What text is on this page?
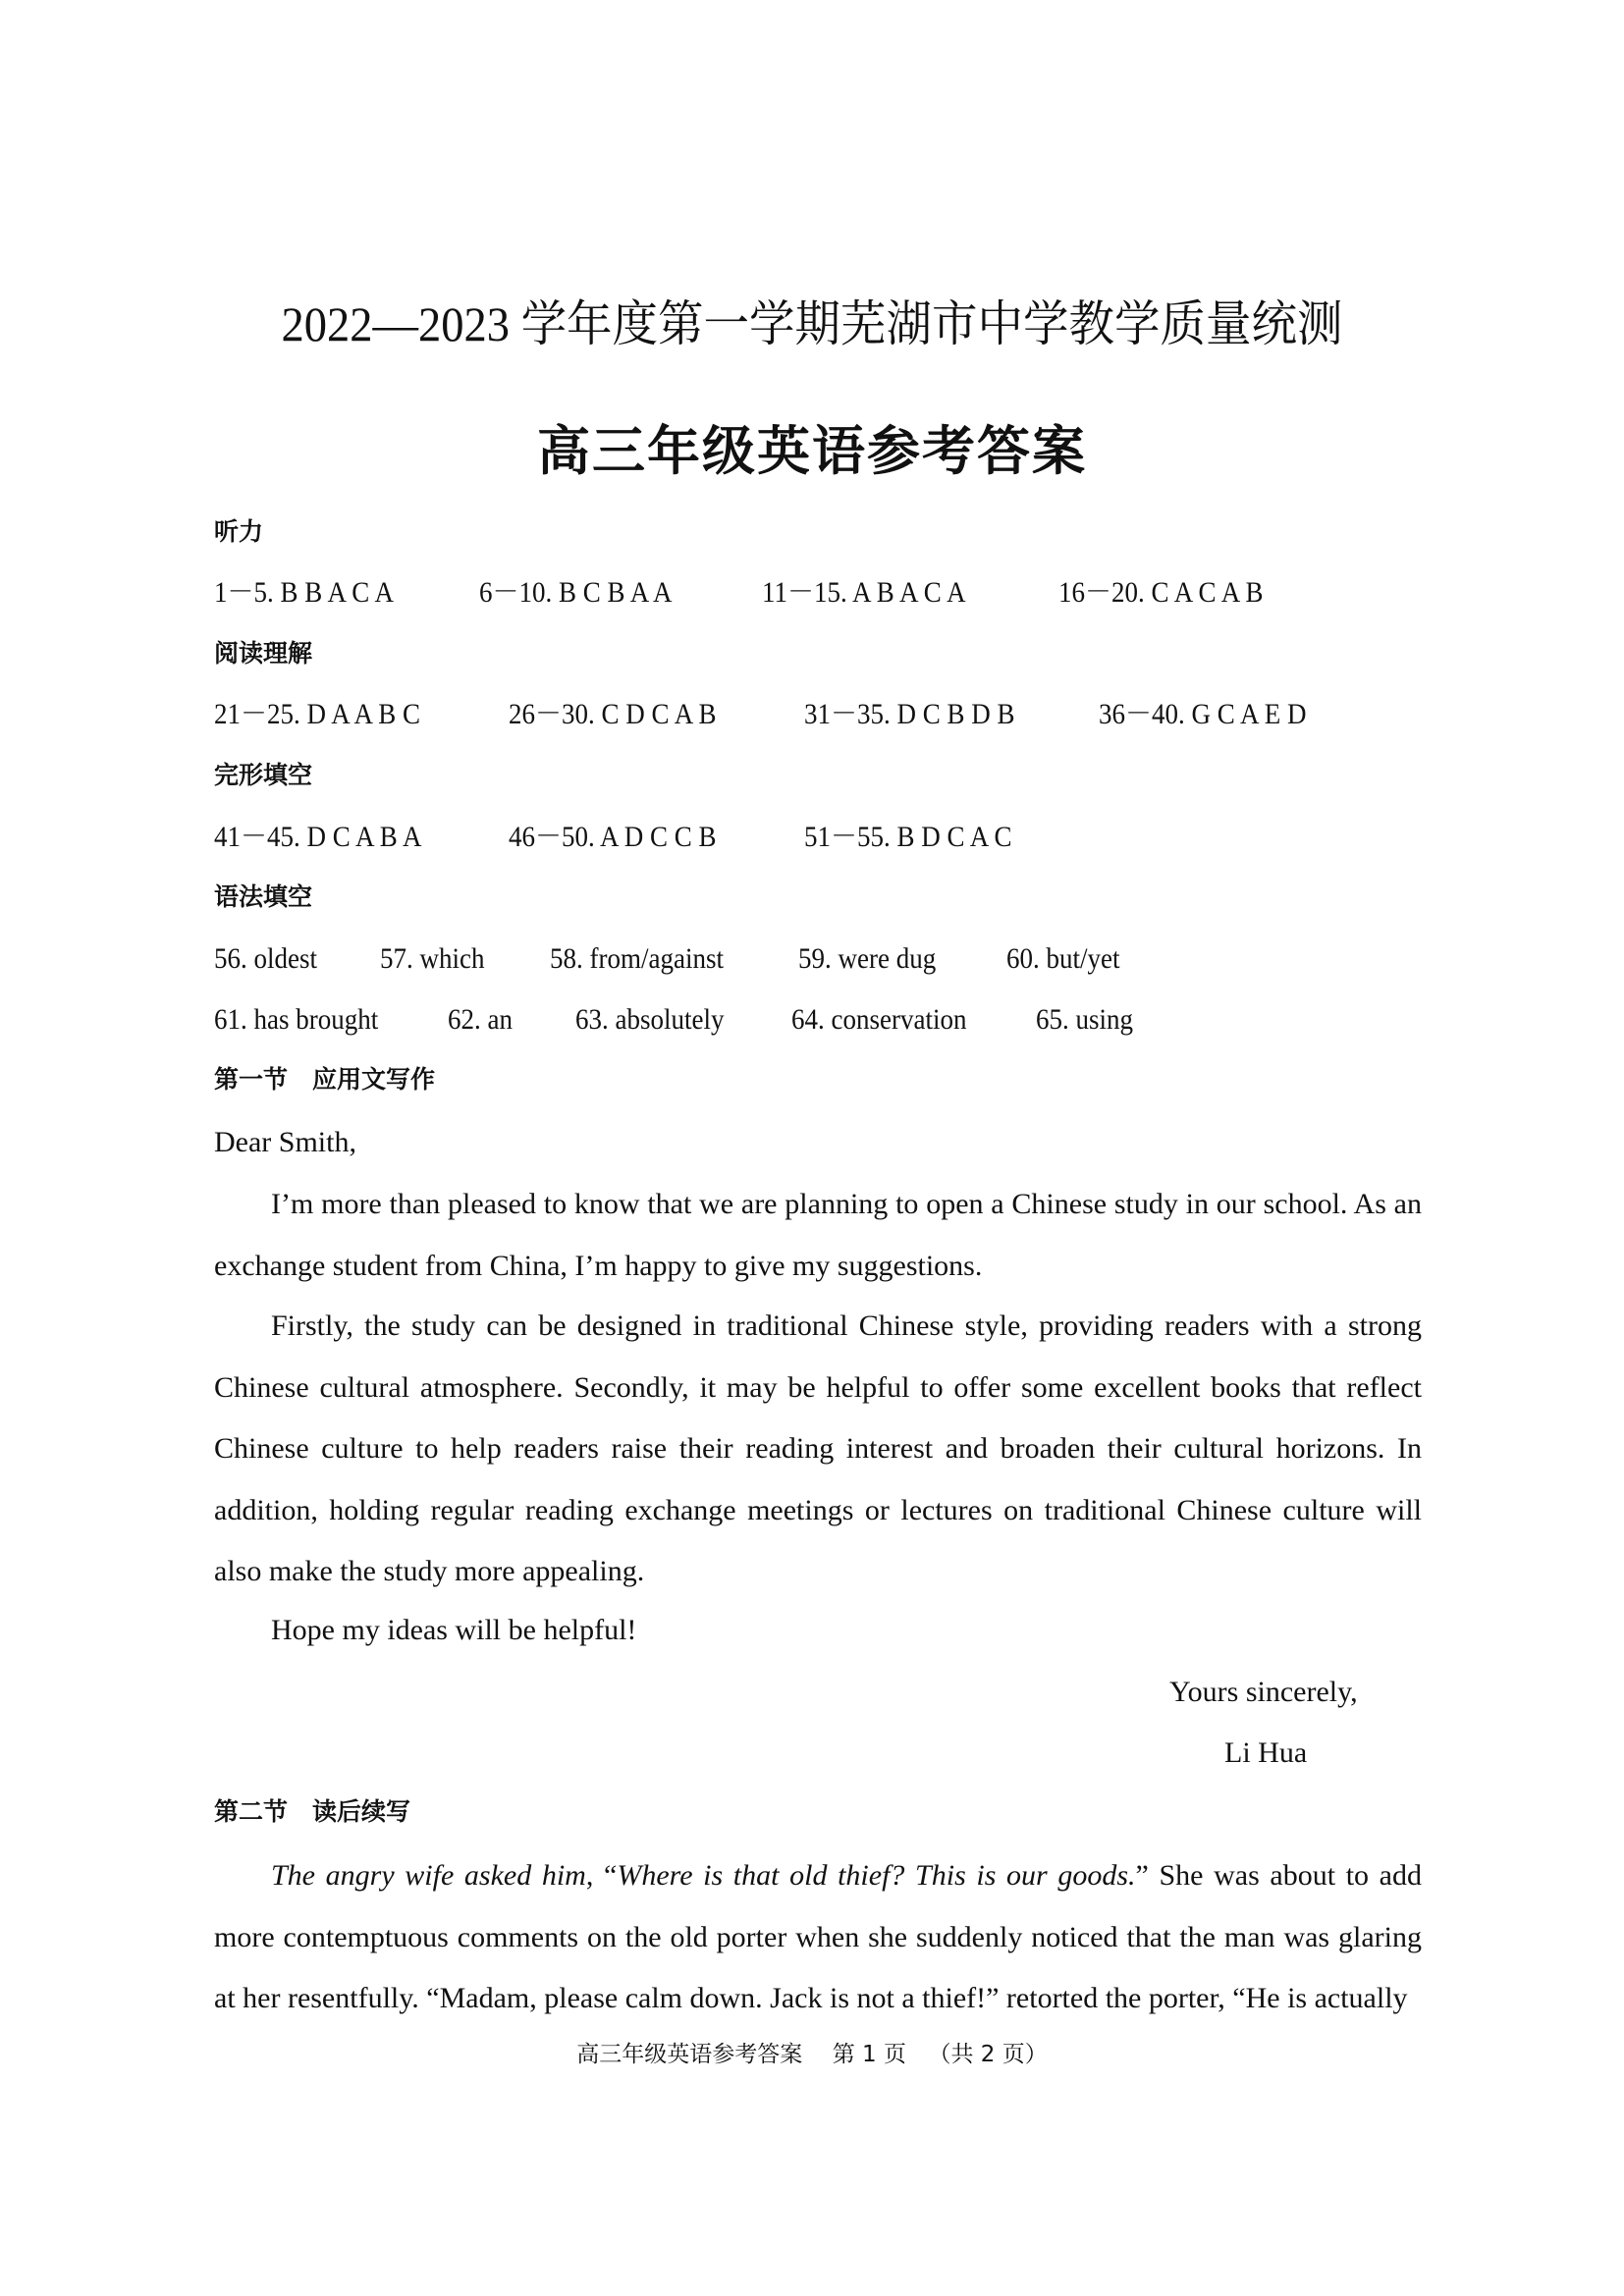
2022—2023 学年度第一学期芜湖市中学教学质量统测
高三年级英语参考答案
听力
1－5. B B A C A	6－10. B C B A A	11－15. A B A C A	16－20. C A C A B
阅读理解
21－25. D A A B C	26－30. C D C A B	31－35. D C B D B	36－40. G C A E D
完形填空
41－45. D C A B A	46－50. A D C C B	51－55. B D C A C
语法填空
56. oldest 57. which 58. from/against	59. were dug 60. but/yet
61. has brought 62. an 63. absolutely 64. conservation 65. using
第一节　应用文写作
Dear Smith,
I’m more than pleased to know that we are planning to open a Chinese study in our school. As an exchange student from China, I’m happy to give my suggestions.
Firstly, the study can be designed in traditional Chinese style, providing readers with a strong Chinese cultural atmosphere. Secondly, it may be helpful to offer some excellent books that reflect Chinese culture to help readers raise their reading interest and broaden their cultural horizons. In addition, holding regular reading exchange meetings or lectures on traditional Chinese culture will also make the study more appealing.
Hope my ideas will be helpful!
Yours sincerely,
Li Hua
第二节　读后续写
The angry wife asked him, “Where is that old thief? This is our goods.” She was about to add more contemptuous comments on the old porter when she suddenly noticed that the man was glaring at her resentfully. “Madam, please calm down. Jack is not a thief!” retorted the porter, “He is actually
高三年级英语参考答案 第 1 页 （共 2 页）
